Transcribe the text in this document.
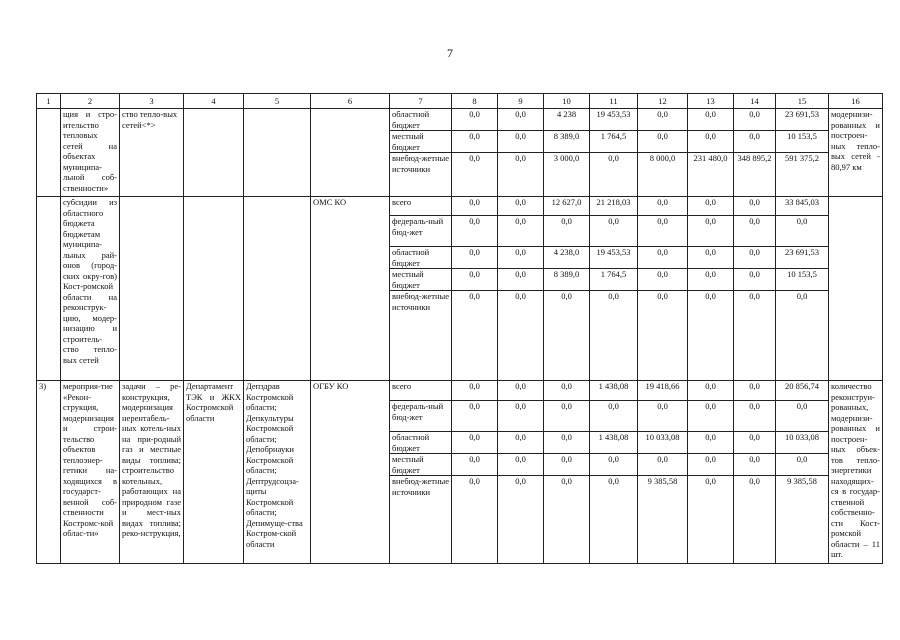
7
1	2	3	4	5	6	7	8	9	10	11	12	13	14	15	16
	щия и стро-ительство тепловых сетей на объектах муниципа-льной соб-ственности»	ство тепло-вых сетей<*>				областной бюджет	0,0	0,0	4 238	19 453,53	0,0	0,0	0,0	23 691,53	модернизи-рованных и построен-ных тепло-вых сетей - 80,97 км
						местный бюджет	0,0	0,0	8 389,0	1 764,5	0,0	0,0	0,0	10 153,5	
						внебюд-жетные источники	0,0	0,0	3 000,0	0,0	8 000,0	231 480,0	348 895,2	591 375,2	
	субсидии из областного бюджета бюджетам муниципа-льных рай-онов (город-ских окру-гов) Кост-ромской области на реконструк-цию, модер-низацию и строитель-ство тепло-вых сетей				ОМС КО	всего	0,0	0,0	12 627,0	21 218,03	0,0	0,0	0,0	33 845,03	
						федераль-ный бюд-жет	0,0	0,0	0,0	0,0	0,0	0,0	0,0	0,0	
						областной бюджет	0,0	0,0	4 238,0	19 453,53	0,0	0,0	0,0	23 691,53	
						местный бюджет	0,0	0,0	8 389,0	1 764,5	0,0	0,0	0,0	10 153,5	
						внебюд-жетные источники	0,0	0,0	0,0	0,0	0,0	0,0	0,0	0,0	
3)	мероприя-тие «Рекон-струкция, модернизация и строи-тельство объектов теплоэнер-гетики на-ходящихся в государст-венной соб-ственности Костромс-кой облас-ти»	задачи – ре-конструкция, модернизация нерентабель-ных котель-ных на при-родный газ и местные виды топлива; строительство котельных, работающих на природном газе и мест-ных видах топлива; реко-нструкция,	Департамент ТЭК и ЖКХ Костромской области	Депздрав Костромской области; Депкультуры Костромской области; Депобрнауки Костромской области; Дептрудсоцза-щиты Костромской области; Депимуще-ства Костром-ской области	ОГБУ КО	всего	0,0	0,0	0,0	1 438,08	19 418,66	0,0	0,0	20 856,74	количество реконструи-рованных, модернизи-рованных и построен-ных объек-тов тепло-энергетики находящих-ся в государ-ственной собственно-сти Кост-ромской области – 11 шт.
						федераль-ный бюд-жет	0,0	0,0	0,0	0,0	0,0	0,0	0,0	0,0	
						областной бюджет	0,0	0,0	0,0	1 438,08	10 033,08	0,0	0,0	10 033,08	
						местный бюджет	0,0	0,0	0,0	0,0	0,0	0,0	0,0	0,0	
						внебюд-жетные источники	0,0	0,0	0,0	0,0	9 385,58	0,0	0,0	9 385,58	
